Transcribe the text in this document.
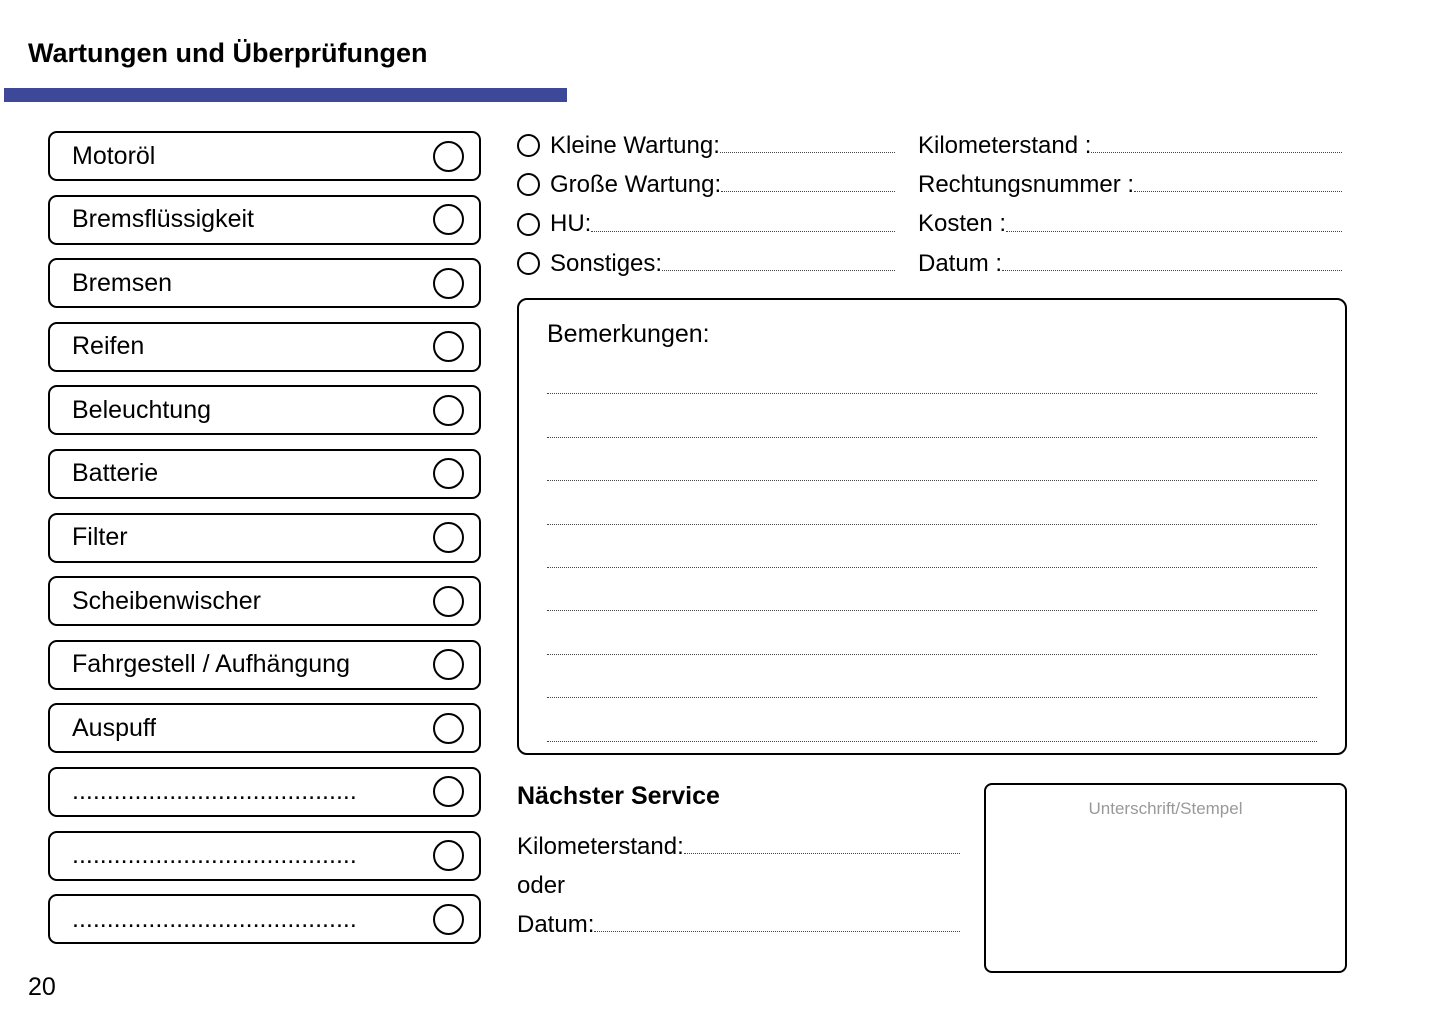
Wartungen und Überprüfungen
Motoröl
Bremsflüssigkeit
Bremsen
Reifen
Beleuchtung
Batterie
Filter
Scheibenwischer
Fahrgestell / Aufhängung
Auspuff
.........................................
.........................................
.........................................
Kleine Wartung:
Große Wartung:
HU:
Sonstiges:
Kilometerstand :
Rechtungsnummer :
Kosten :
Datum :
Bemerkungen:
Nächster Service
Kilometerstand:
oder
Datum:
Unterschrift/Stempel
20
